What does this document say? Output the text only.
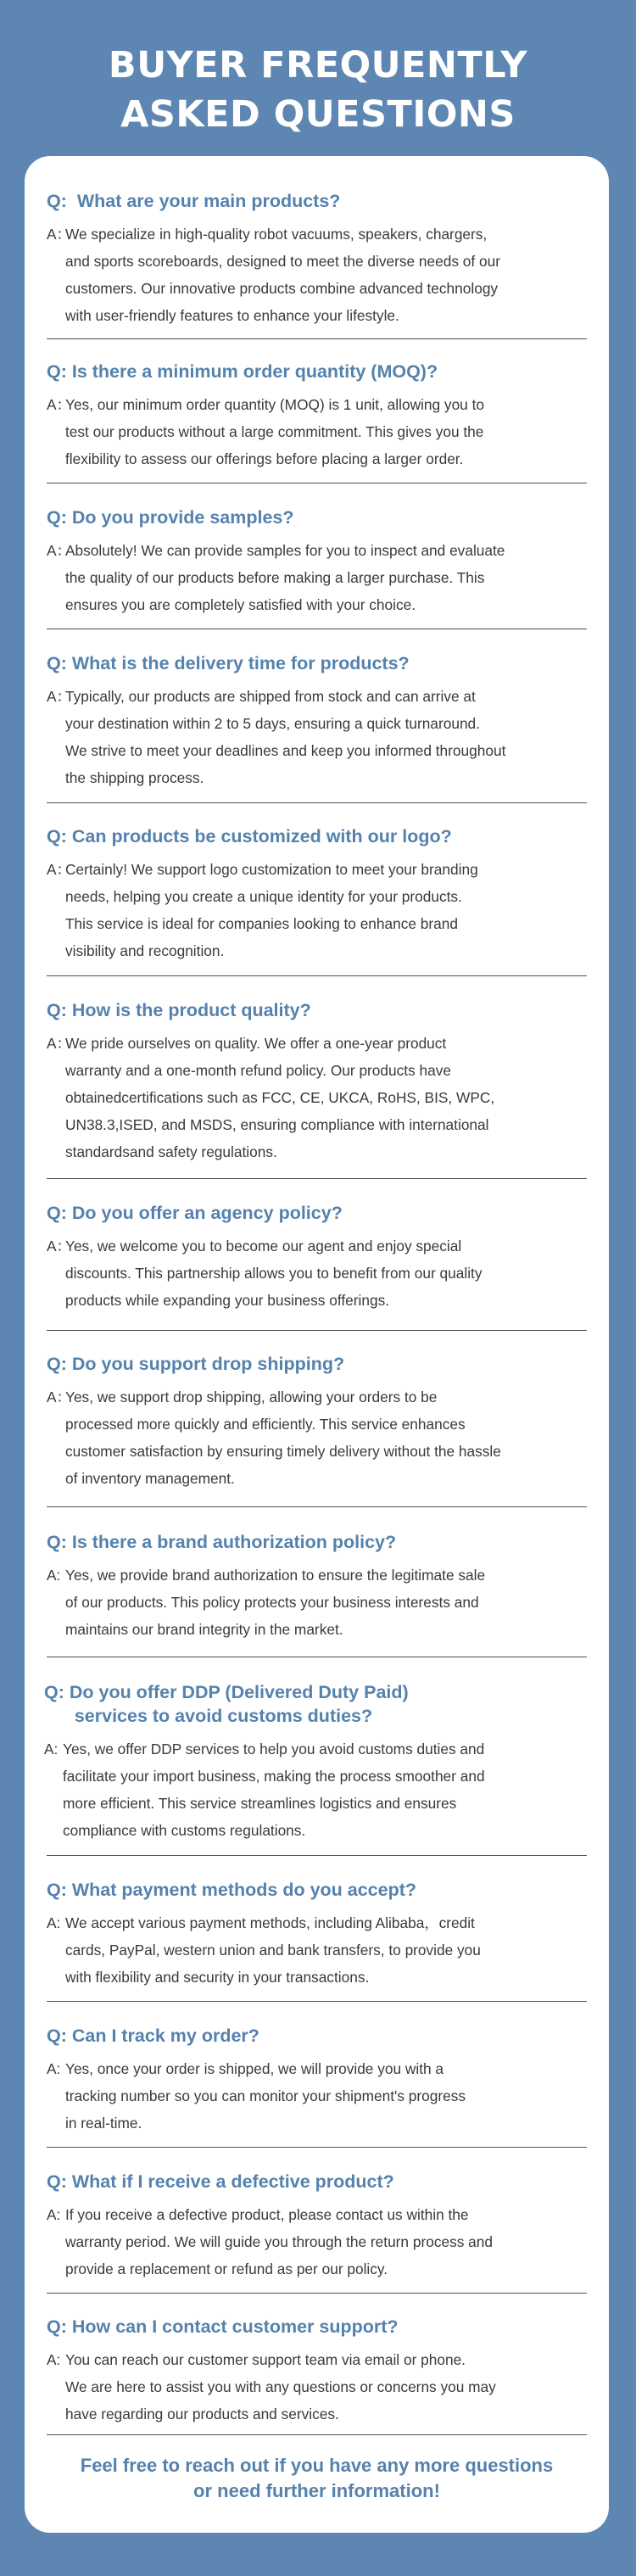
BUYER FREQUENTLY
ASKED QUESTIONS
Q:  What are your main products?
A：
We specialize in high-quality robot vacuums, speakers, chargers,
and sports scoreboards, designed to meet the diverse needs of our
customers. Our innovative products combine advanced technology
with user-friendly features to enhance your lifestyle.
Q: Is there a minimum order quantity (MOQ)?
A：
Yes, our minimum order quantity (MOQ) is 1 unit, allowing you to
test our products without a large commitment. This gives you the
flexibility to assess our offerings before placing a larger order.
Q: Do you provide samples?
A：
Absolutely! We can provide samples for you to inspect and evaluate
the quality of our products before making a larger purchase. This
ensures you are completely satisfied with your choice.
Q: What is the delivery time for products?
A：
Typically, our products are shipped from stock and can arrive at
your destination within 2 to 5 days, ensuring a quick turnaround.
We strive to meet your deadlines and keep you informed throughout
the shipping process.
Q: Can products be customized with our logo?
A：
Certainly! We support logo customization to meet your branding
needs, helping you create a unique identity for your products.
This service is ideal for companies looking to enhance brand
visibility and recognition.
Q: How is the product quality?
A：
We pride ourselves on quality. We offer a one-year product
warranty and a one-month refund policy. Our products have
obtainedcertifications such as FCC, CE, UKCA, RoHS, BIS, WPC,
UN38.3,ISED, and MSDS, ensuring compliance with international
standardsand safety regulations.
Q: Do you offer an agency policy?
A：
Yes, we welcome you to become our agent and enjoy special
discounts. This partnership allows you to benefit from our quality
products while expanding your business offerings.
Q: Do you support drop shipping?
A：
Yes, we support drop shipping, allowing your orders to be
processed more quickly and efficiently. This service enhances
customer satisfaction by ensuring timely delivery without the hassle
of inventory management.
Q: Is there a brand authorization policy?
A: Yes, we provide brand authorization to ensure the legitimate sale
of our products. This policy protects your business interests and
maintains our brand integrity in the market.
Q: Do you offer DDP (Delivered Duty Paid)
services to avoid customs duties?
A: Yes, we offer DDP services to help you avoid customs duties and
facilitate your import business, making the process smoother and
more efficient. This service streamlines logistics and ensures
compliance with customs regulations.
Q: What payment methods do you accept?
A: We accept various payment methods, including Alibaba，credit
cards, PayPal, western union and bank transfers, to provide you
with flexibility and security in your transactions.
Q: Can I track my order?
A: Yes, once your order is shipped, we will provide you with a
tracking number so you can monitor your shipment's progress
in real-time.
Q: What if I receive a defective product?
A: If you receive a defective product, please contact us within the
warranty period. We will guide you through the return process and
provide a replacement or refund as per our policy.
Q: How can I contact customer support?
A: You can reach our customer support team via email or phone.
We are here to assist you with any questions or concerns you may
have regarding our products and services.
Feel free to reach out if you have any more questions
or need further information!
